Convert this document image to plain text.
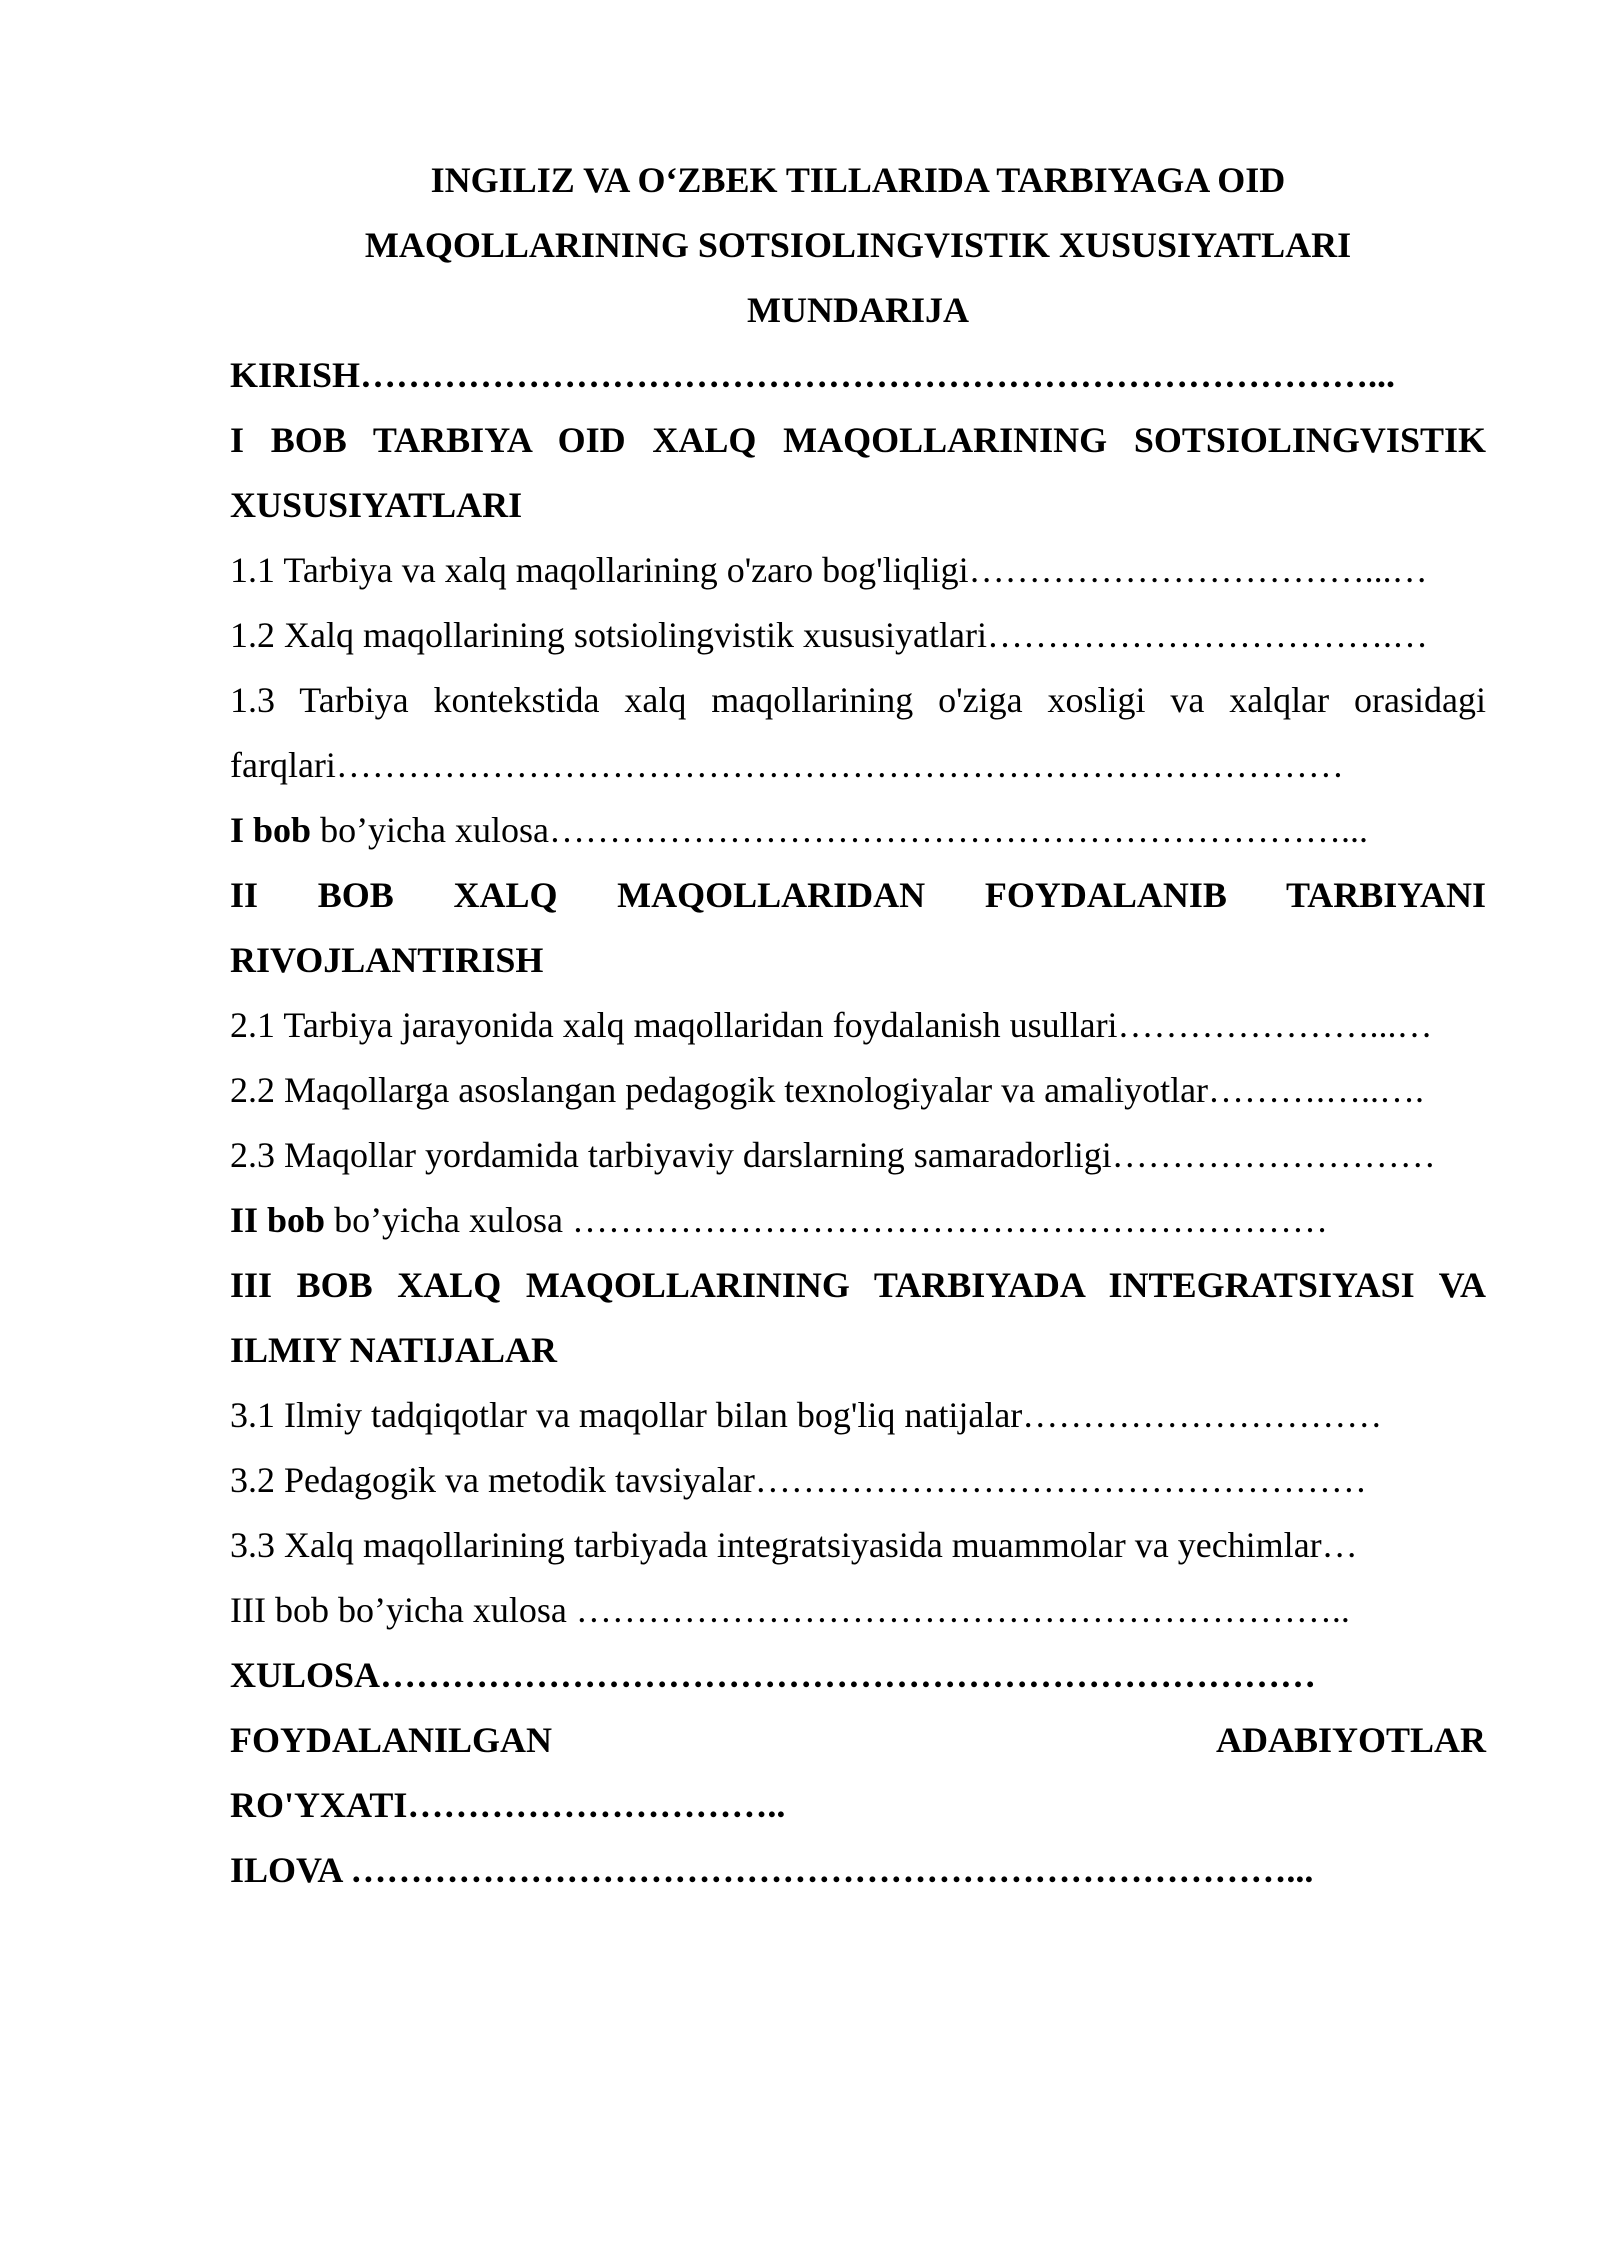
INGILIZ VA O‘ZBEK TILLARIDA TARBIYAGA OID
MAQOLLARINING SOTSIOLINGVISTIK XUSUSIYATLARI
MUNDARIJA
KIRISH…………………………………………………………………………...
I BOB TARBIYA OID XALQ MAQOLLARINING SOTSIOLINGVISTIK
XUSUSIYATLARI
1.1 Tarbiya va xalq maqollarining o'zaro bog'liqligi……………………………...…
1.2 Xalq maqollarining sotsiolingvistik xususiyatlari…………………………….…
1.3 Tarbiya kontekstida xalq maqollarining o'ziga xosligi va xalqlar orasidagi
farqlari…………………………………………………………………………
I bob bo’yicha xulosa…………………………………………………………...
II BOB XALQ MAQOLLARIDAN FOYDALANIB TARBIYANI
RIVOJLANTIRISH
2.1 Tarbiya jarayonida xalq maqollaridan foydalanish usullari…………………...…
2.2 Maqollarga asoslangan pedagogik texnologiyalar va amaliyotlar……….…..….
2.3 Maqollar yordamida tarbiyaviy darslarning samaradorligi………………………
II bob bo’yicha xulosa ………………………………………………………
III BOB XALQ MAQOLLARINING TARBIYADA INTEGRATSIYASI VA
ILMIY NATIJALAR
3.1 Ilmiy tadqiqotlar va maqollar bilan bog'liq natijalar…………………………
3.2 Pedagogik va metodik tavsiyalar……………………………………………
3.3 Xalq maqollarining tarbiyada integratsiyasida muammolar va yechimlar…
III bob bo’yicha xulosa ………………………………………………………..
XULOSA……………………………………………………………………
FOYDALANILGAN	ADABIYOTLAR
RO'YXATI…………………………..
ILOVA ……………………………………………………………………...
